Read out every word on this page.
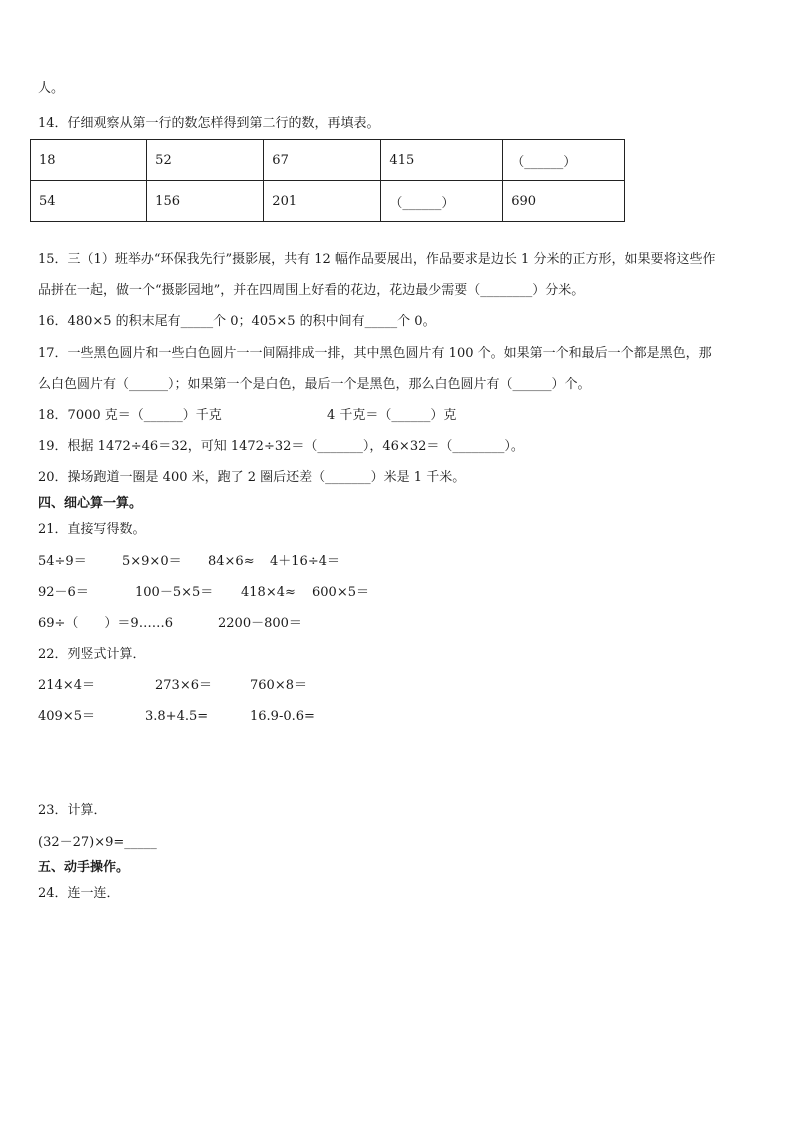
人。
14．仔细观察从第一行的数怎样得到第二行的数，再填表。
18	52	67	415	（______）
54	156	201	（______）	690
15．三（1）班举办“环保我先行”摄影展，共有 12 幅作品要展出，作品要求是边长 1 分米的正方形，如果要将这些作
品拼在一起，做一个“摄影园地”，并在四周围上好看的花边，花边最少需要（________）分米。
16．480×5 的积末尾有_____个 0；405×5 的积中间有_____个 0。
17．一些黑色圆片和一些白色圆片一一间隔排成一排，其中黑色圆片有 100 个。如果第一个和最后一个都是黑色，那
么白色圆片有（______）；如果第一个是白色，最后一个是黑色，那么白色圆片有（______）个。
18．7000 克＝（______）千克	4 千克＝（______）克
19．根据 1472÷46＝32，可知 1472÷32＝（_______），46×32＝（________）。
20．操场跑道一圈是 400 米，跑了 2 圈后还差（_______）米是 1 千米。
四、细心算一算。
21．直接写得数。
54÷9＝	5×9×0＝ 84×6≈ 4＋16÷4＝
92－6＝	100－5×5＝ 418×4≈ 600×5＝
69÷（　　）＝9……6	2200－800＝
22．列竖式计算．
214×4＝	273×6＝	760×8＝
409×5＝	3.8+4.5=	16.9-0.6=
23．计算．
(32－27)×9=_____
五、动手操作。
24．连一连．
